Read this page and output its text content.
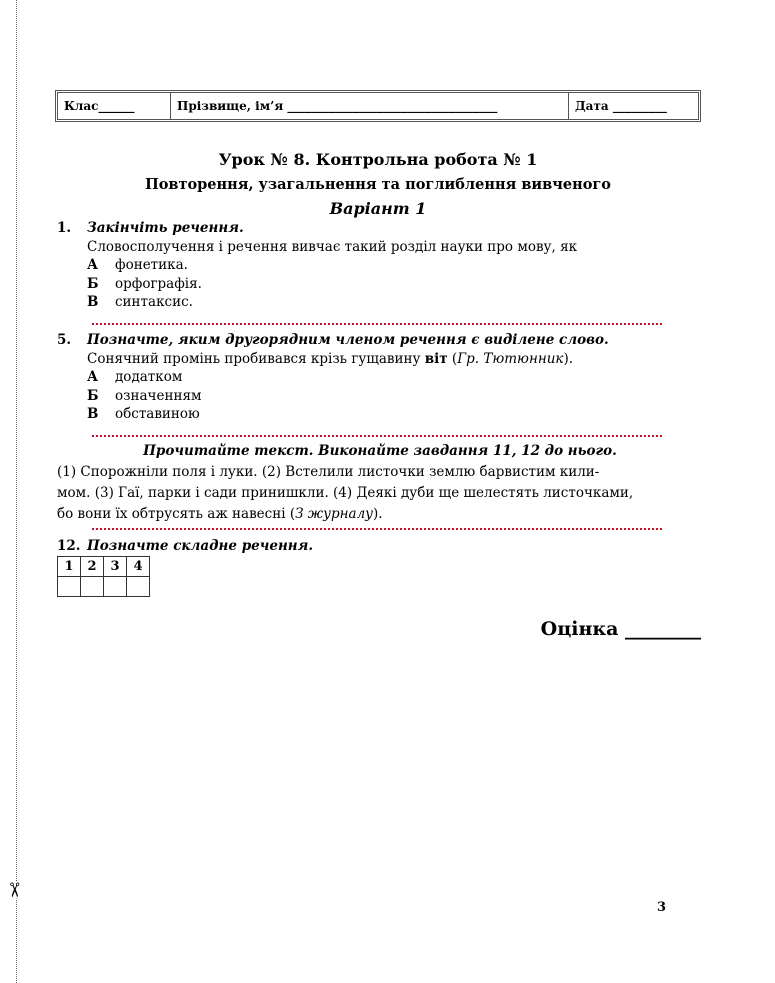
✂
Клас______	Прізвище, ім’я ___________________________________	Дата _________
Урок № 8. Контрольна робота № 1
Повторення, узагальнення та поглиблення вивченого
Варіант 1
1. Закінчіть речення.
Словосполучення і речення вивчає такий розділ науки про мову, як
А фонетика.
Б орфографія.
В синтаксис.
5. Позначте, яким другорядним членом речення є виділене слово.
Сонячний промінь пробивався крізь гущавину віт (Гр. Тютюнник).
А додатком
Б означенням
В обставиною
Прочитайте текст. Виконайте завдання 11, 12 до нього.
(1) Спорожніли поля і луки. (2) Встелили листочки землю барвистим кили-
мом. (3) Гаї, парки і сади принишкли. (4) Деякі дуби ще шелестять листочками,
бо вони їх обтрусять аж навесні (З журналу).
12. Позначте складне речення.
1	2	3	4

Оцінка ________
3
